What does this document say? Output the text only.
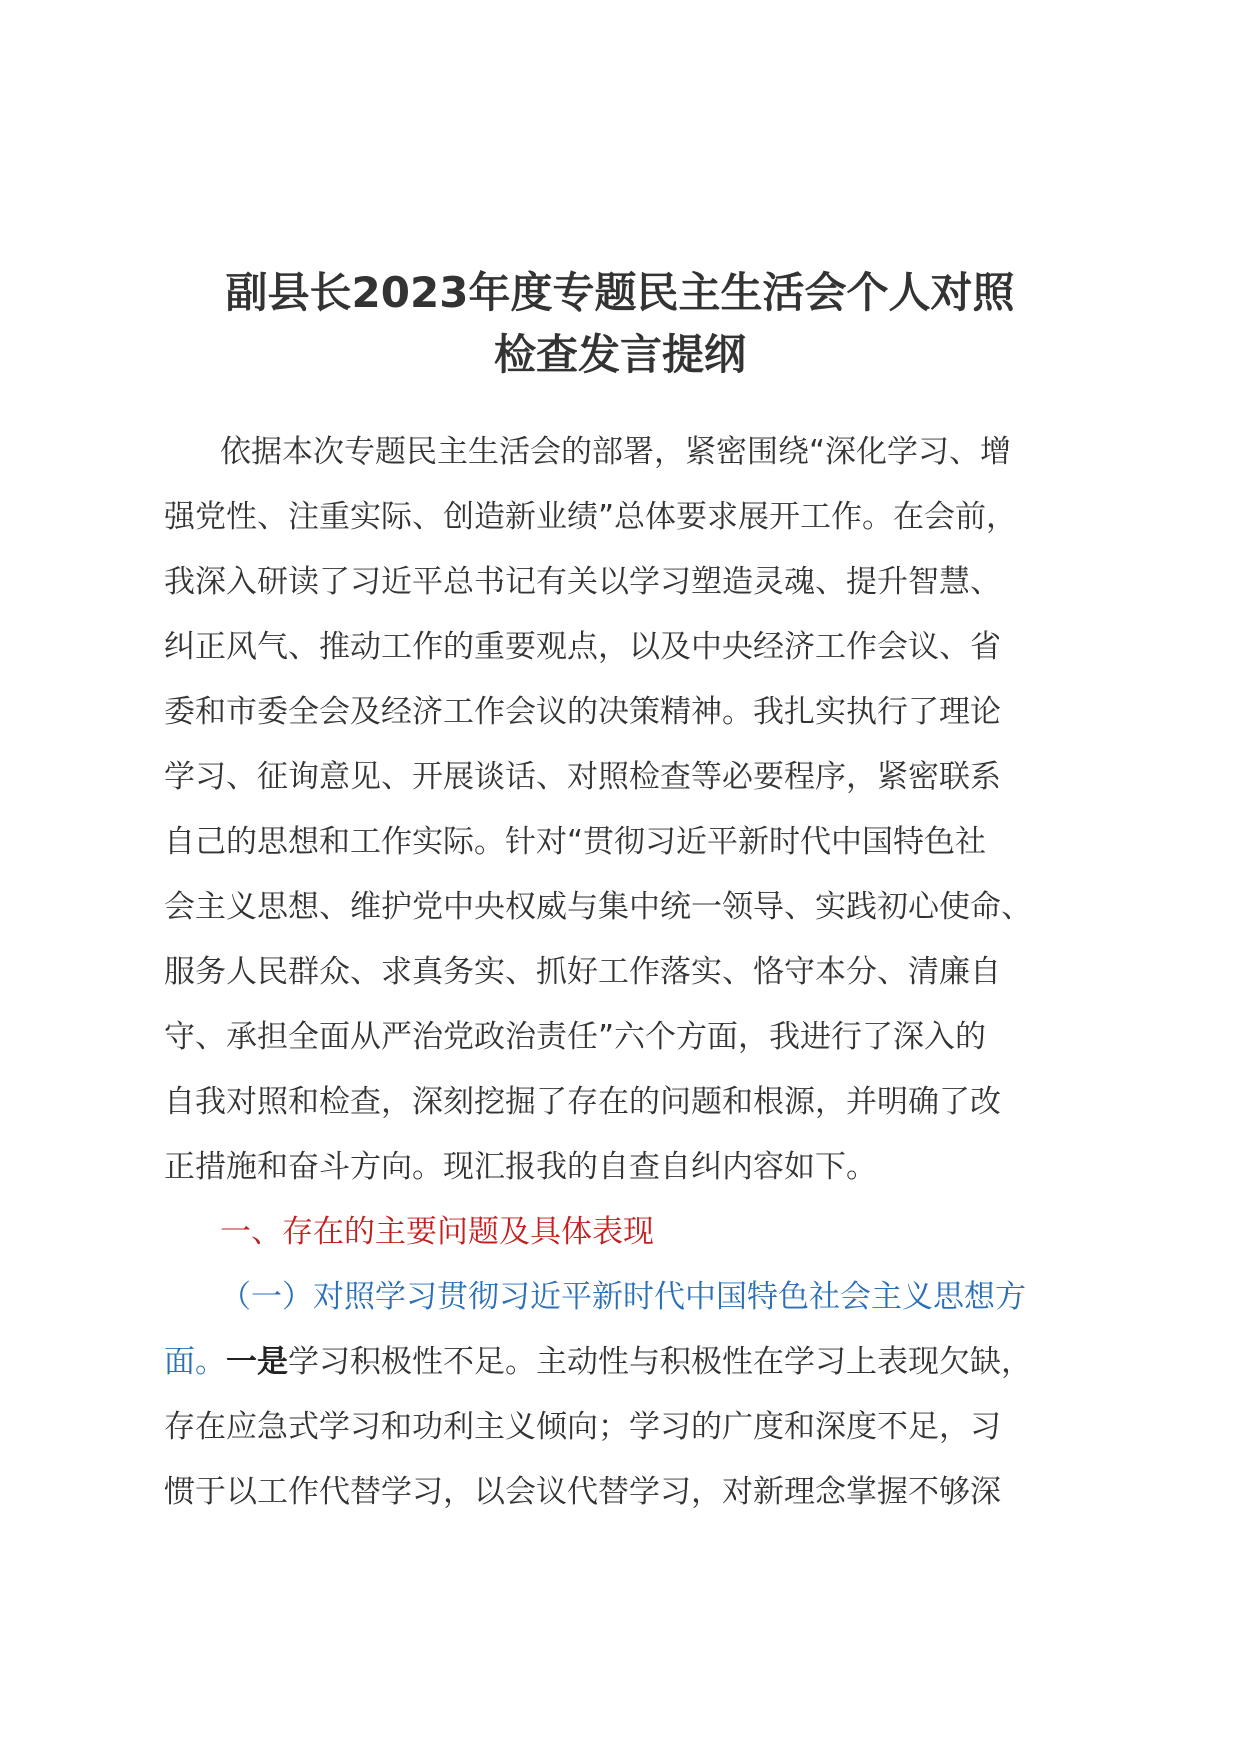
副县长2023年度专题民主生活会个人对照
检查发言提纲
依据本次专题民主生活会的部署，紧密围绕“深化学习、增
强党性、注重实际、创造新业绩”总体要求展开工作。在会前，
我深入研读了习近平总书记有关以学习塑造灵魂、提升智慧、
纠正风气、推动工作的重要观点，以及中央经济工作会议、省
委和市委全会及经济工作会议的决策精神。我扎实执行了理论
学习、征询意见、开展谈话、对照检查等必要程序，紧密联系
自己的思想和工作实际。针对“贯彻习近平新时代中国特色社
会主义思想、维护党中央权威与集中统一领导、实践初心使命、
服务人民群众、求真务实、抓好工作落实、恪守本分、清廉自
守、承担全面从严治党政治责任”六个方面，我进行了深入的
自我对照和检查，深刻挖掘了存在的问题和根源，并明确了改
正措施和奋斗方向。现汇报我的自查自纠内容如下。
一、存在的主要问题及具体表现
（一）对照学习贯彻习近平新时代中国特色社会主义思想方
面。一是学习积极性不足。主动性与积极性在学习上表现欠缺，
存在应急式学习和功利主义倾向；学习的广度和深度不足，习
惯于以工作代替学习，以会议代替学习，对新理念掌握不够深
